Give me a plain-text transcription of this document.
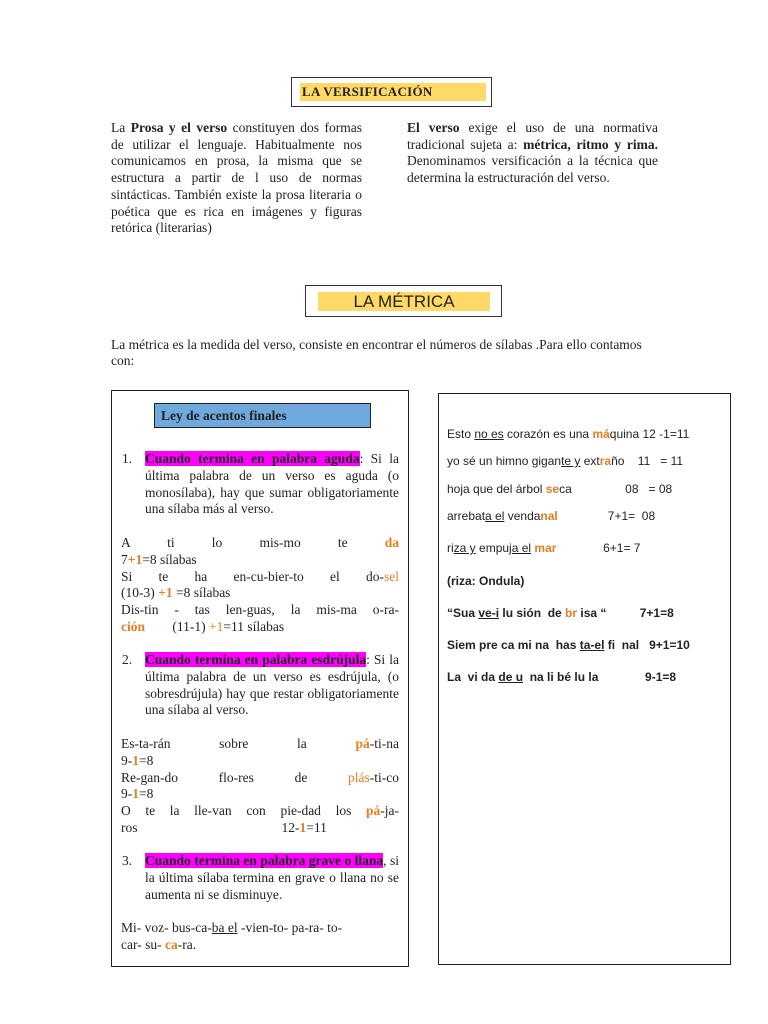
LA VERSIFICACIÓN
La Prosa y el verso constituyen dos formas de utilizar el lenguaje. Habitualmente nos comunicamos en prosa, la misma que se estructura a partir de l uso de normas sintácticas. También existe la prosa literaria o poética que es rica en imágenes y figuras retórica (literarias)
El verso exige el uso de una normativa tradicional sujeta a: métrica, ritmo y rima. Denominamos versificación a la técnica que determina la estructuración del verso.
LA MÉTRICA
La métrica es la medida del verso, consiste en encontrar el números de sílabas .Para ello contamos con:
Ley de acentos finales
1. Cuando termina en palabra aguda: Si la última palabra de un verso es aguda (o monosílaba), hay que sumar obligatoriamente una sílaba más al verso.
A ti lo mis-mo te da
7+1=8 sílabas
Si te ha en-cu-bier-to el do-sel
(10-3) +1 =8 sílabas
Dis-tin - tas len-guas, la mis-ma o-ra-
ción (11-1) +1=11 sílabas
2. Cuando termina en palabra esdrújula: Si la última palabra de un verso es esdrújula, (o sobresdrújula) hay que restar obligatoriamente una sílaba al verso.
Es-ta-rán sobre la pá-ti-na
9-1=8
Re-gan-do flo-res de plás-ti-co
9-1=8
O te la lle-van con pie-dad los pá-ja-
ros	12-1=11
3. Cuando termina en palabra grave o llana, si la última sílaba termina en grave o llana no se aumenta ni se disminuye.
Mi- voz- bus-ca-ba el -vien-to- pa-ra- to-
car- su- ca-ra.
Esto no es corazón es una máquina 12 -1=11
yo sé un himno gigante y extraño    11   = 11
hoja que del árbol seca                08   = 08
arrebata el vendanal               7+1=  08
riza y empuja el mar              6+1= 7
(riza: Ondula)
“Sua ve-i lu sión  de br isa “          7+1=8
Siem pre ca mi na  has ta-el fi  nal   9+1=10
La  vi da de u  na li bé lu la              9-1=8
